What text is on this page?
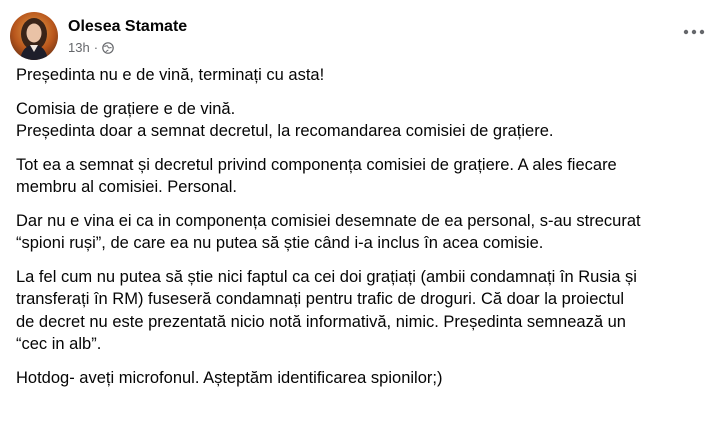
Olesea Stamate
13h ·

Președinta nu e de vină, terminați cu asta!

Comisia de grațiere e de vină.
Președinta doar a semnat decretul, la recomandarea comisiei de grațiere.

Tot ea a semnat și decretul privind componența comisiei de grațiere. A ales fiecare
membru al comisiei. Personal.

Dar nu e vina ei ca in componența comisiei desemnate de ea personal, s-au strecurat
“spioni ruși”, de care ea nu putea să știe când i-a inclus în acea comisie.

La fel cum nu putea să știe nici faptul ca cei doi grațiați (ambii condamnați în Rusia și
transferați în RM) fuseseră condamnați pentru trafic de droguri. Că doar la proiectul
de decret nu este prezentată nicio notă informativă, nimic. Președinta semnează un
“cec in alb”.

Hotdog- aveți microfonul. Așteptăm identificarea spionilor;)
